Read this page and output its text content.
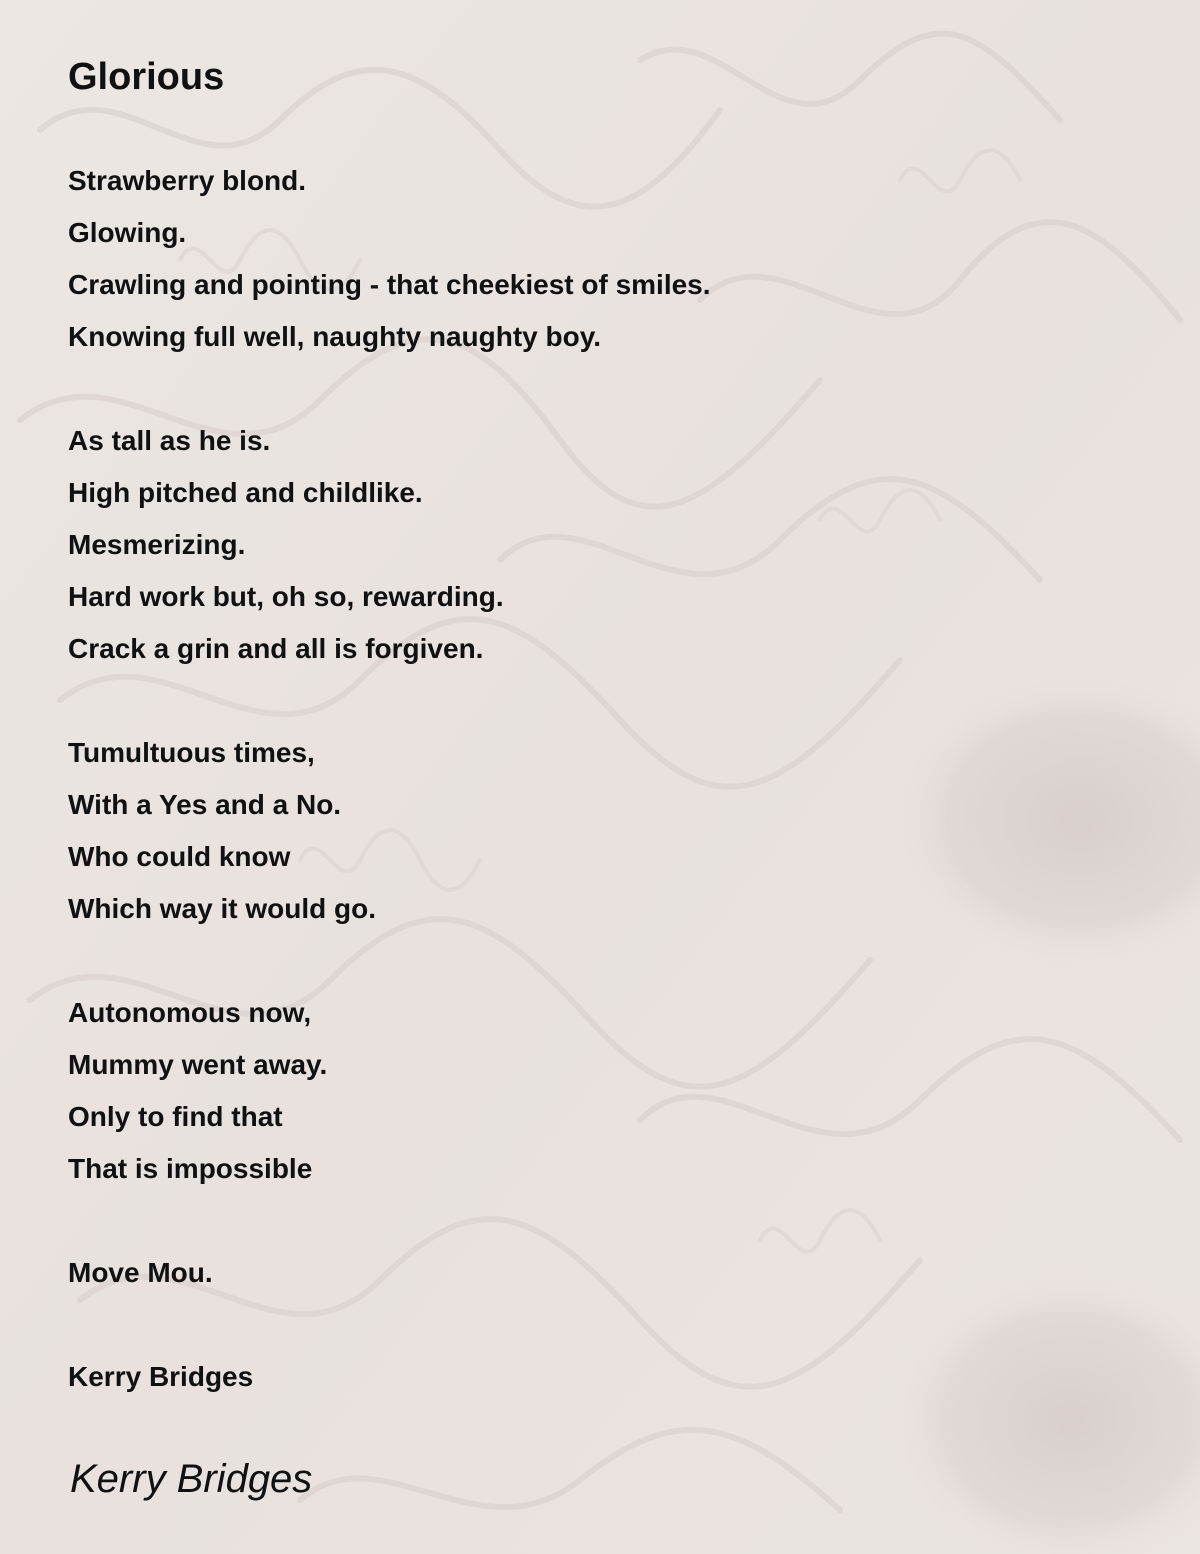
Glorious
Strawberry blond.
Glowing.
Crawling and pointing - that cheekiest of smiles.
Knowing full well, naughty naughty boy.
As tall as he is.
High pitched and childlike.
Mesmerizing.
Hard work but, oh so, rewarding.
Crack a grin and all is forgiven.
Tumultuous times,
With a Yes and a No.
Who could know
Which way it would go.
Autonomous now,
Mummy went away.
Only to find that
That is impossible
Move Mou.
Kerry Bridges
Kerry Bridges
